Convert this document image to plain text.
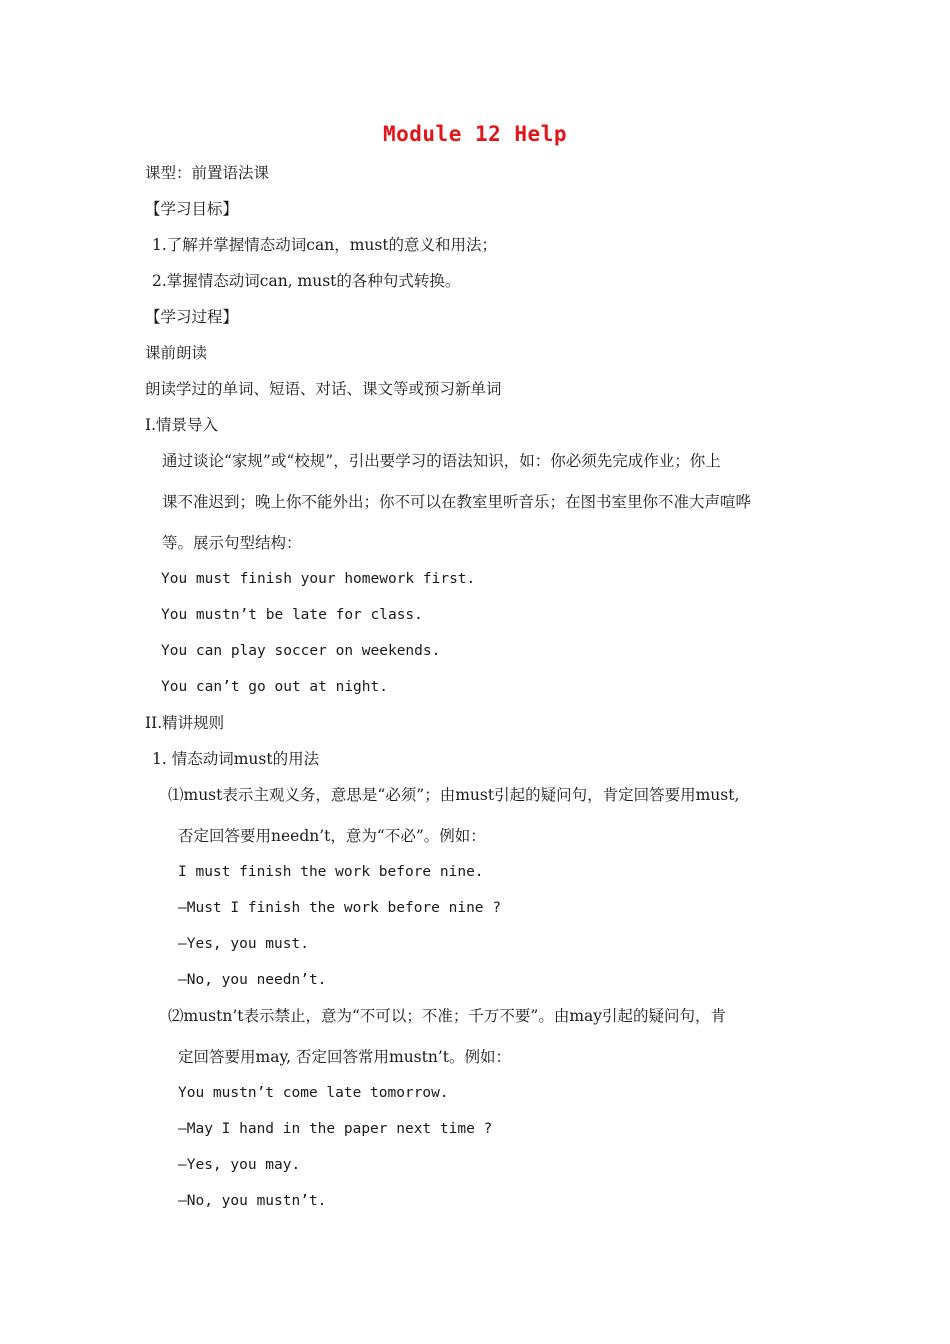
Module 12 Help
课型：前置语法课
【学习目标】
1.了解并掌握情态动词can，must的意义和用法；
2.掌握情态动词can, must的各种句式转换。
【学习过程】
课前朗读
朗读学过的单词、短语、对话、课文等或预习新单词
I.情景导入
通过谈论“家规”或“校规”，引出要学习的语法知识，如：你必须先完成作业；你上
课不准迟到；晚上你不能外出；你不可以在教室里听音乐；在图书室里你不准大声喧哗
等。展示句型结构：
You must finish your homework first.
You mustn’t be late for class.
You can play soccer on weekends.
You can’t go out at night.
II.精讲规则
1. 情态动词must的用法
⑴must表示主观义务，意思是“必须”；由must引起的疑问句，肯定回答要用must,
否定回答要用needn’t，意为“不必”。例如：
I must finish the work before nine.
—Must I finish the work before nine ?
—Yes, you must.
—No, you needn’t.
⑵mustn’t表示禁止，意为“不可以；不准；千万不要”。由may引起的疑问句，肯
定回答要用may, 否定回答常用mustn’t。例如：
You mustn’t come late tomorrow.
—May I hand in the paper next time ?
—Yes, you may.
—No, you mustn’t.
